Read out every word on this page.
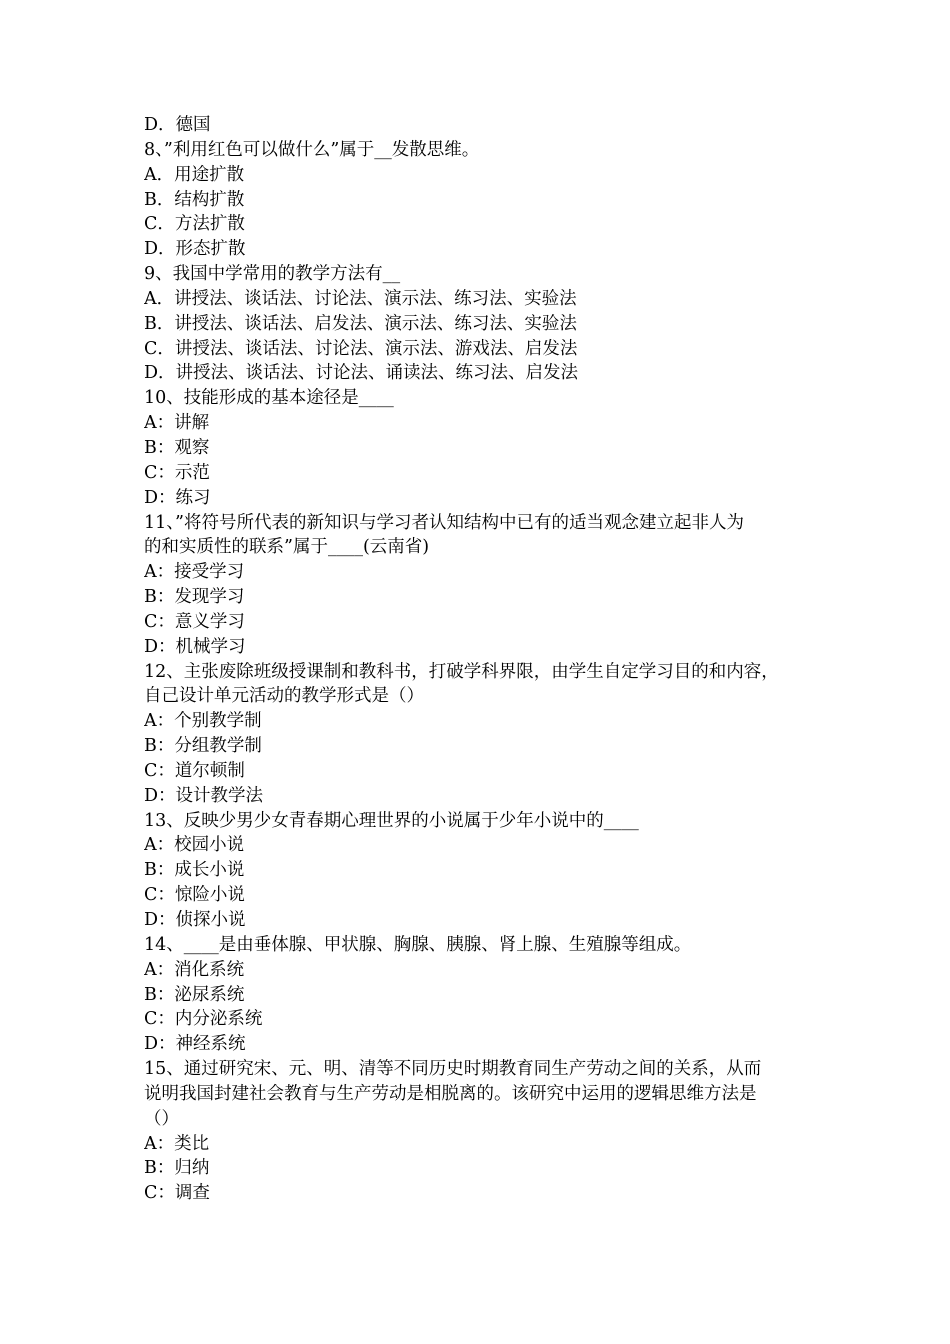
D．德国
8、”利用红色可以做什么”属于__发散思维。
A．用途扩散
B．结构扩散
C．方法扩散
D．形态扩散
9、我国中学常用的教学方法有__
A．讲授法、谈话法、讨论法、演示法、练习法、实验法
B．讲授法、谈话法、启发法、演示法、练习法、实验法
C．讲授法、谈话法、讨论法、演示法、游戏法、启发法
D．讲授法、谈话法、讨论法、诵读法、练习法、启发法
10、技能形成的基本途径是____
A：讲解
B：观察
C：示范
D：练习
11、”将符号所代表的新知识与学习者认知结构中已有的适当观念建立起非人为
的和实质性的联系”属于____(云南省)
A：接受学习
B：发现学习
C：意义学习
D：机械学习
12、主张废除班级授课制和教科书，打破学科界限，由学生自定学习目的和内容，
自己设计单元活动的教学形式是（）
A：个别教学制
B：分组教学制
C：道尔顿制
D：设计教学法
13、反映少男少女青春期心理世界的小说属于少年小说中的____
A：校园小说
B：成长小说
C：惊险小说
D：侦探小说
14、____是由垂体腺、甲状腺、胸腺、胰腺、肾上腺、生殖腺等组成。
A：消化系统
B：泌尿系统
C：内分泌系统
D：神经系统
15、通过研究宋、元、明、清等不同历史时期教育同生产劳动之间的关系，从而
说明我国封建社会教育与生产劳动是相脱离的。该研究中运用的逻辑思维方法是
（）
A：类比
B：归纳
C：调查
